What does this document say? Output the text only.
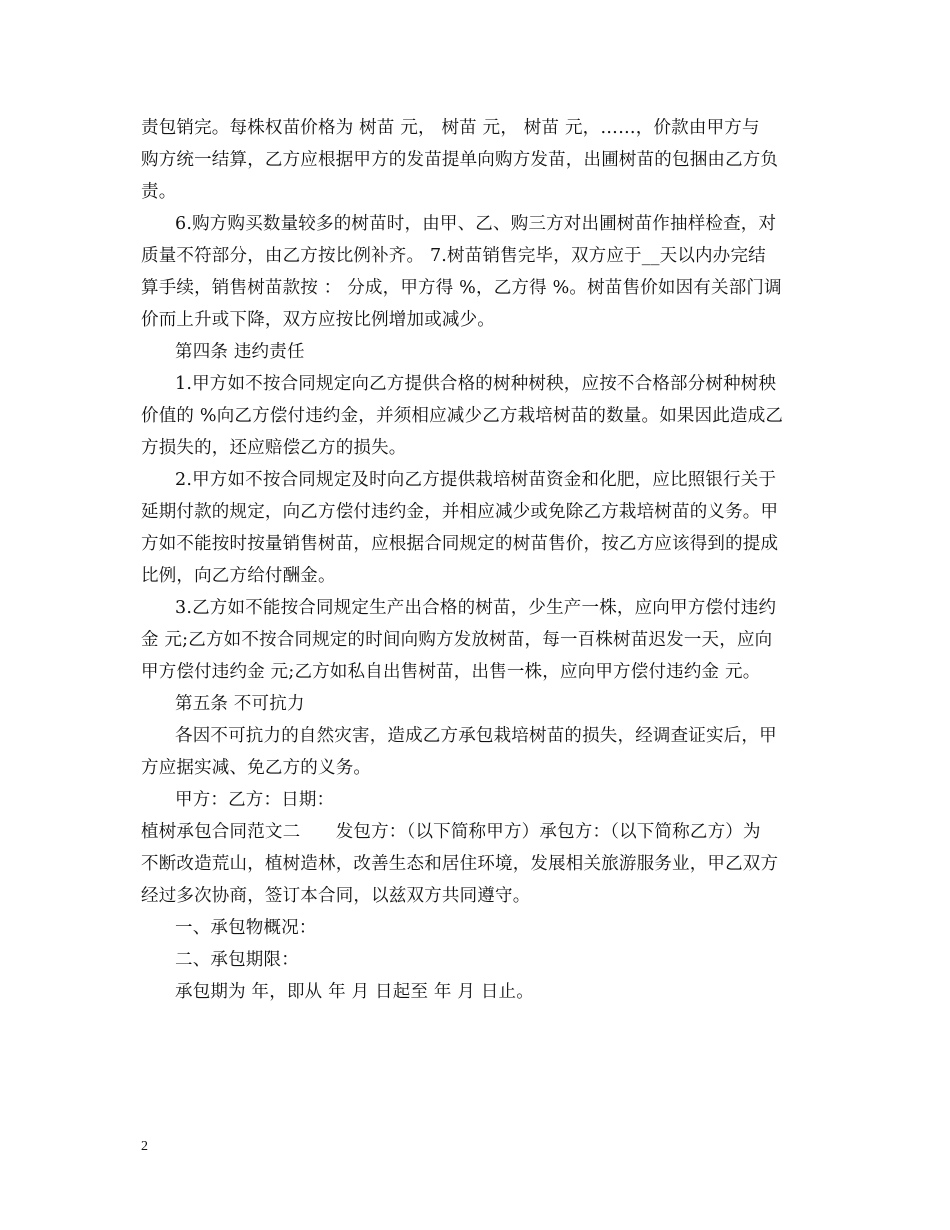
责包销完。每株权苗价格为 树苗 元， 树苗 元， 树苗 元，……，价款由甲方与
购方统一结算，乙方应根据甲方的发苗提单向购方发苗，出圃树苗的包捆由乙方负
责。
6.购方购买数量较多的树苗时，由甲、乙、购三方对出圃树苗作抽样检查，对
质量不符部分，由乙方按比例补齐。 7.树苗销售完毕，双方应于__天以内办完结
算手续，销售树苗款按 ： 分成，甲方得 %，乙方得 %。树苗售价如因有关部门调
价而上升或下降，双方应按比例增加或减少。
第四条 违约责任
1.甲方如不按合同规定向乙方提供合格的树种树秧，应按不合格部分树种树秧
价值的 %向乙方偿付违约金，并须相应减少乙方栽培树苗的数量。如果因此造成乙
方损失的，还应赔偿乙方的损失。
2.甲方如不按合同规定及时向乙方提供栽培树苗资金和化肥，应比照银行关于
延期付款的规定，向乙方偿付违约金，并相应减少或免除乙方栽培树苗的义务。甲
方如不能按时按量销售树苗，应根据合同规定的树苗售价，按乙方应该得到的提成
比例，向乙方给付酬金。
3.乙方如不能按合同规定生产出合格的树苗，少生产一株，应向甲方偿付违约
金 元;乙方如不按合同规定的时间向购方发放树苗，每一百株树苗迟发一天，应向
甲方偿付违约金 元;乙方如私自出售树苗，出售一株，应向甲方偿付违约金 元。
第五条 不可抗力
各因不可抗力的自然灾害，造成乙方承包栽培树苗的损失，经调查证实后，甲
方应据实减、免乙方的义务。
甲方：乙方：日期：
植树承包合同范文二　　发包方：（以下简称甲方）承包方：（以下简称乙方）为
不断改造荒山，植树造林，改善生态和居住环境，发展相关旅游服务业，甲乙双方
经过多次协商，签订本合同，以兹双方共同遵守。
一、承包物概况：
二、承包期限：
承包期为 年，即从 年 月 日起至 年 月 日止。
2
